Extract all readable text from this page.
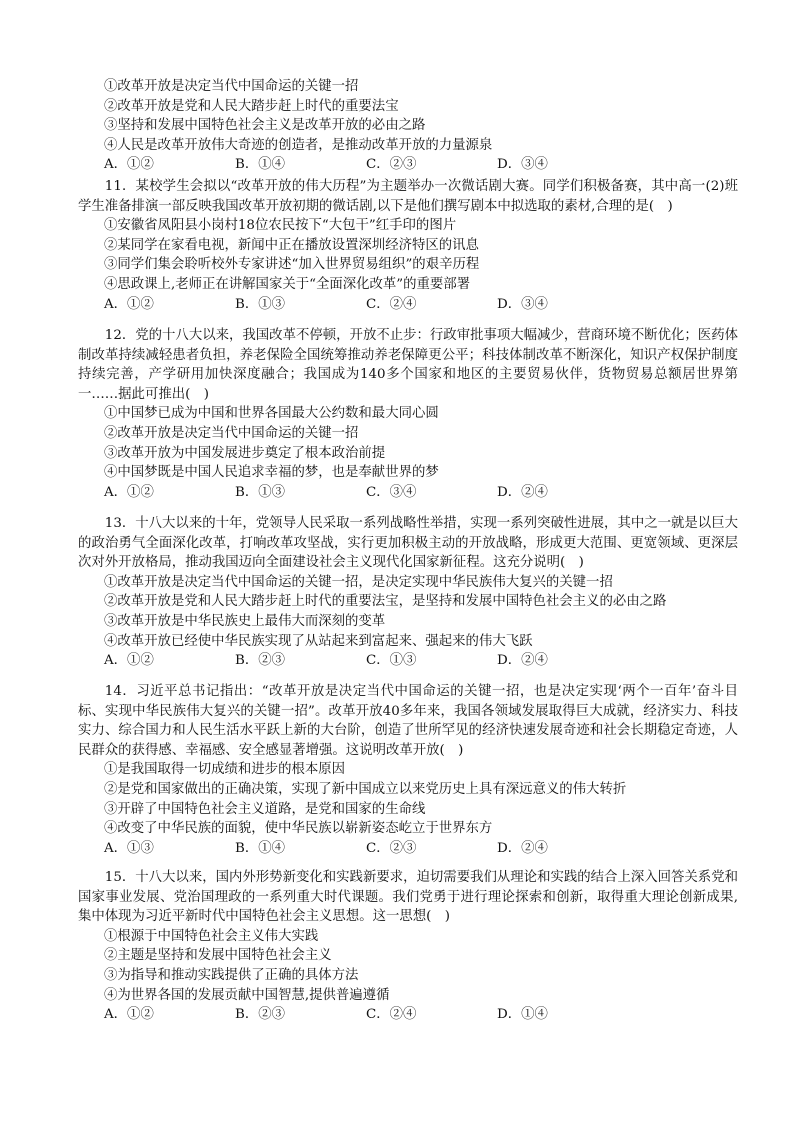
①改革开放是决定当代中国命运的关键一招
②改革开放是党和人民大踏步赶上时代的重要法宝
③坚持和发展中国特色社会主义是改革开放的必由之路
④人民是改革开放伟大奇迹的创造者，是推动改革开放的力量源泉
A．①②	B．①④	C．②③	D．③④

11．某校学生会拟以“改革开放的伟大历程”为主题举办一次微话剧大赛。同学们积极备赛，其中高一(2)班学生准备排演一部反映我国改革开放初期的微话剧,以下是他们撰写剧本中拟选取的素材,合理的是(　)

①安徽省凤阳县小岗村18位农民按下“大包干”红手印的图片
②某同学在家看电视，新闻中正在播放设置深圳经济特区的讯息
③同学们集会聆听校外专家讲述“加入世界贸易组织”的艰辛历程
④思政课上,老师正在讲解国家关于“全面深化改革”的重要部署
A．①②	B．①③	C．②④	D．③④

12．党的十八大以来，我国改革不停顿，开放不止步：行政审批事项大幅减少，营商环境不断优化；医药体制改革持续减轻患者负担，养老保险全国统筹推动养老保障更公平；科技体制改革不断深化，知识产权保护制度持续完善，产学研用加快深度融合；我国成为140多个国家和地区的主要贸易伙伴，货物贸易总额居世界第一……据此可推出(　)

①中国梦已成为中国和世界各国最大公约数和最大同心圆
②改革开放是决定当代中国命运的关键一招
③改革开放为中国发展进步奠定了根本政治前提
④中国梦既是中国人民追求幸福的梦，也是奉献世界的梦
A．①②	B．①③	C．③④	D．②④

13．十八大以来的十年，党领导人民采取一系列战略性举措，实现一系列突破性进展，其中之一就是以巨大的政治勇气全面深化改革，打响改革攻坚战，实行更加积极主动的开放战略，形成更大范围、更宽领域、更深层次对外开放格局，推动我国迈向全面建设社会主义现代化国家新征程。这充分说明(　)

①改革开放是决定当代中国命运的关键一招，是决定实现中华民族伟大复兴的关键一招
②改革开放是党和人民大踏步赶上时代的重要法宝，是坚持和发展中国特色社会主义的必由之路
③改革开放是中华民族史上最伟大而深刻的变革
④改革开放已经使中华民族实现了从站起来到富起来、强起来的伟大飞跃
A．①②	B．②③	C．①③	D．②④

14．习近平总书记指出：“改革开放是决定当代中国命运的关键一招，也是决定实现‘两个一百年’奋斗目标、实现中华民族伟大复兴的关键一招”。改革开放40多年来，我国各领域发展取得巨大成就，经济实力、科技实力、综合国力和人民生活水平跃上新的大台阶，创造了世所罕见的经济快速发展奇迹和社会长期稳定奇迹，人民群众的获得感、幸福感、安全感显著增强。这说明改革开放(　)

①是我国取得一切成绩和进步的根本原因
②是党和国家做出的正确决策，实现了新中国成立以来党历史上具有深远意义的伟大转折
③开辟了中国特色社会主义道路，是党和国家的生命线
④改变了中华民族的面貌，使中华民族以崭新姿态屹立于世界东方
A．①③	B．①④	C．②③	D．②④

15．十八大以来，国内外形势新变化和实践新要求，迫切需要我们从理论和实践的结合上深入回答关系党和国家事业发展、党治国理政的一系列重大时代课题。我们党勇于进行理论探索和创新，取得重大理论创新成果,集中体现为习近平新时代中国特色社会主义思想。这一思想(　)

①根源于中国特色社会主义伟大实践
②主题是坚持和发展中国特色社会主义
③为指导和推动实践提供了正确的具体方法
④为世界各国的发展贡献中国智慧,提供普遍遵循
A．①②	B．②③	C．②④	D．①④
